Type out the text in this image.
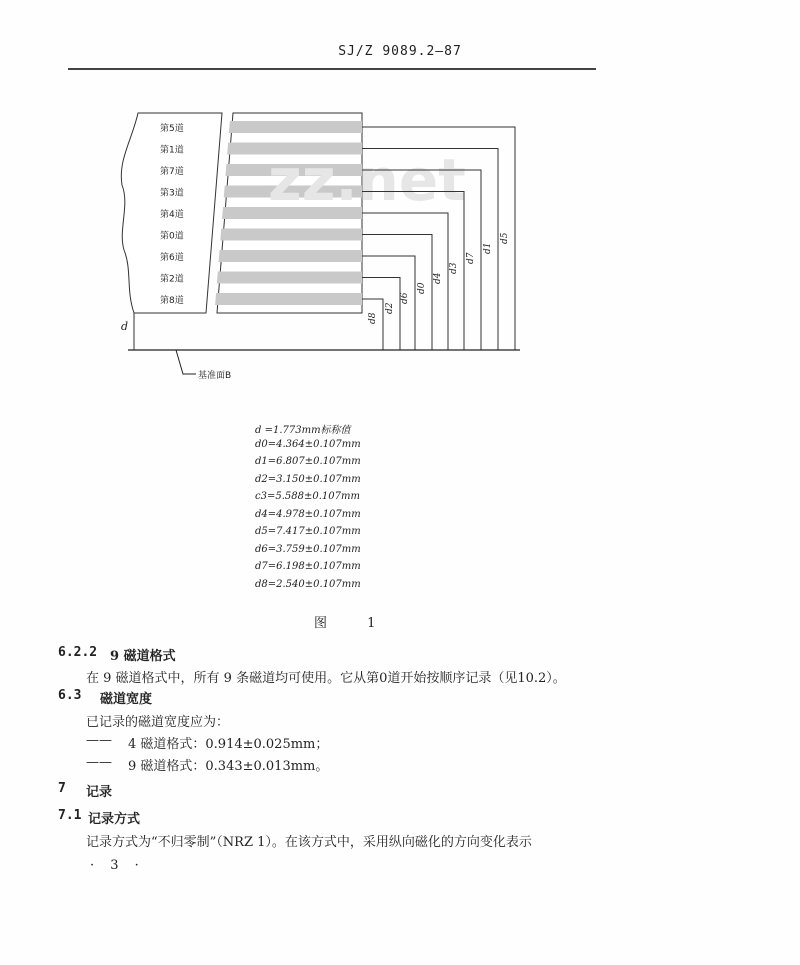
SJ/Z 9089.2—87
第5道
第1道
第7道
第3道
第4道
第0道
第6道
第2道
第8道
zz.net
d8
d2
d6
d0
d4
d3
d7
d1
d5
d
基准面B
d =1.773mm标称值
d0=4.364±0.107mm
d1=6.807±0.107mm
d2=3.150±0.107mm
c3=5.588±0.107mm
d4=4.978±0.107mm
d5=7.417±0.107mm
d6=3.759±0.107mm
d7=6.198±0.107mm
d8=2.540±0.107mm
图 1
6.2.2 9 磁道格式
在 9 磁道格式中，所有 9 条磁道均可使用。它从第0道开始按顺序记录（见10.2）。
6.3 磁道宽度
已记录的磁道宽度应为：
—— 4 磁道格式：0.914±0.025mm；
—— 9 磁道格式：0.343±0.013mm。
7 记录
7.1 记录方式
记录方式为“不归零制”（NRZ 1）。在该方式中，采用纵向磁化的方向变化表示
· 3 ·
